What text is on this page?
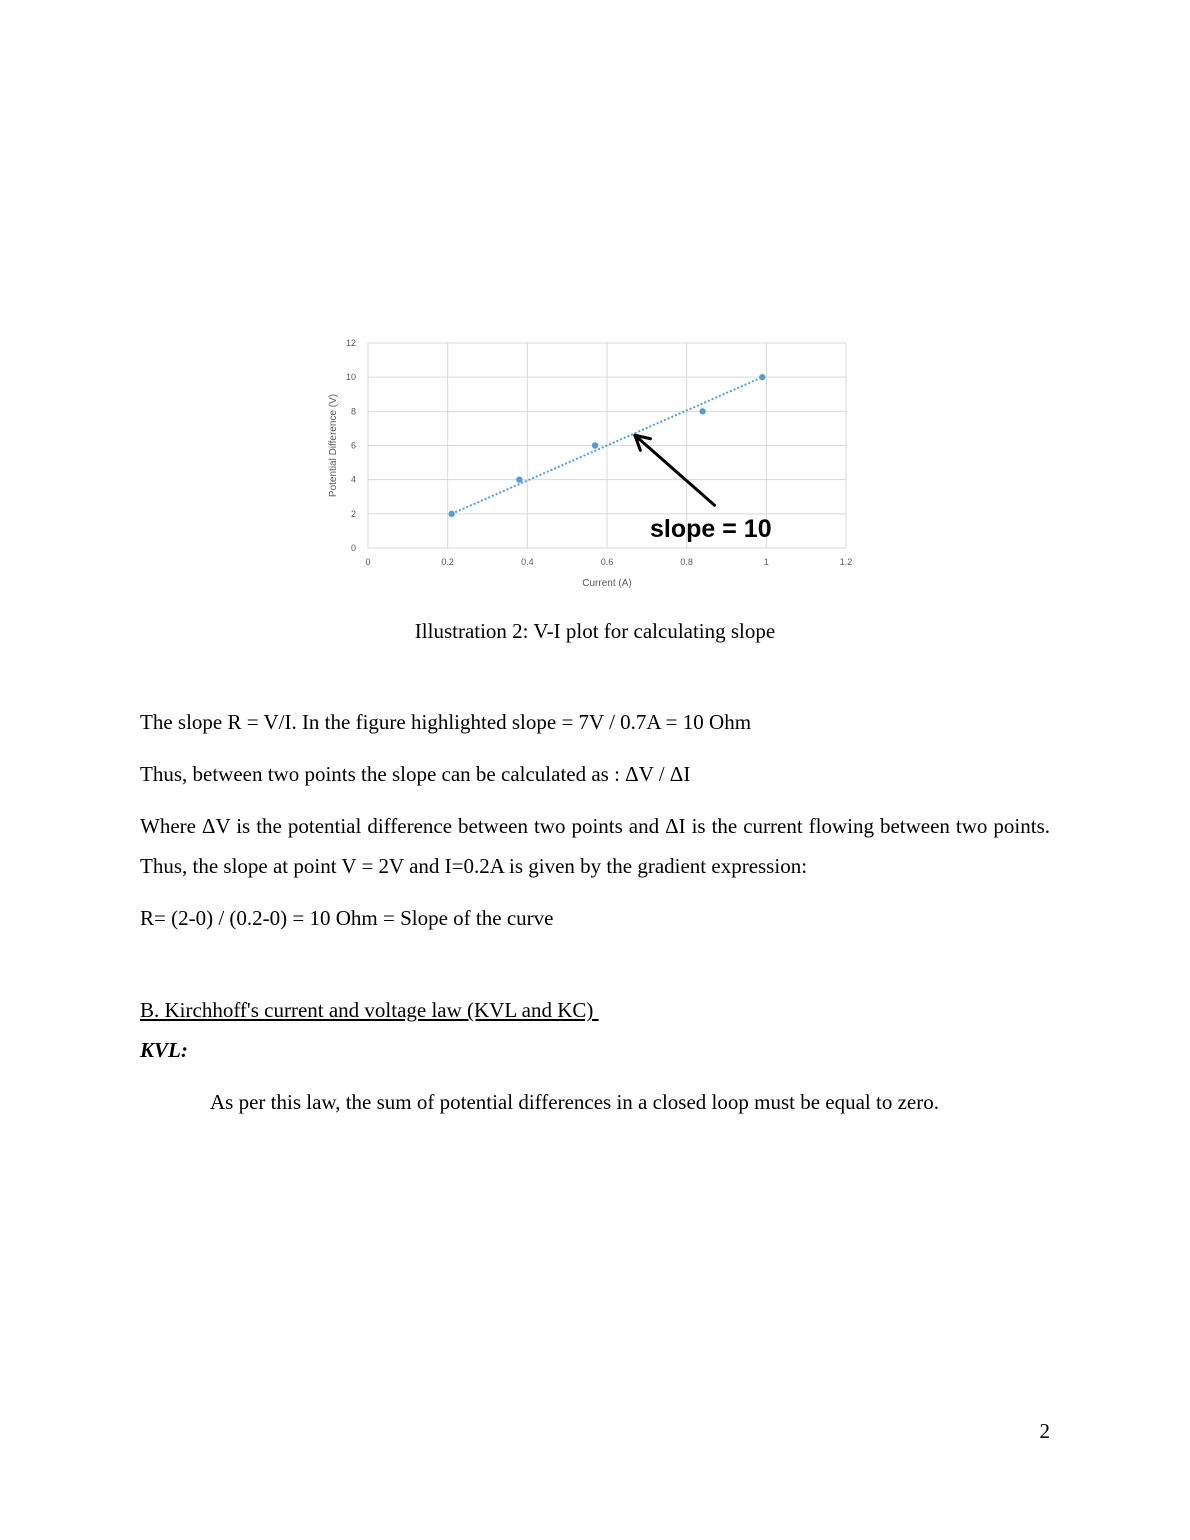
0	0.2	0.4	0.6	0.8	1	1.2
0
2
4
6
8
10
12
Current (A)
Potential Difference (V)
slope = 10
Illustration 2: V-I plot for calculating slope

The slope R = V/I. In the figure highlighted slope = 7V / 0.7A = 10 Ohm

Thus, between two points the slope can be calculated as : ΔV / ΔI

Where ΔV is the potential difference between two points and ΔI is the current flowing between two points. Thus, the slope at point V = 2V and I=0.2A is given by the gradient expression:

R= (2-0) / (0.2-0) = 10 Ohm = Slope of the curve

B. Kirchhoff's current and voltage law (KVL and KC)

KVL:

As per this law, the sum of potential differences in a closed loop must be equal to zero.

2
